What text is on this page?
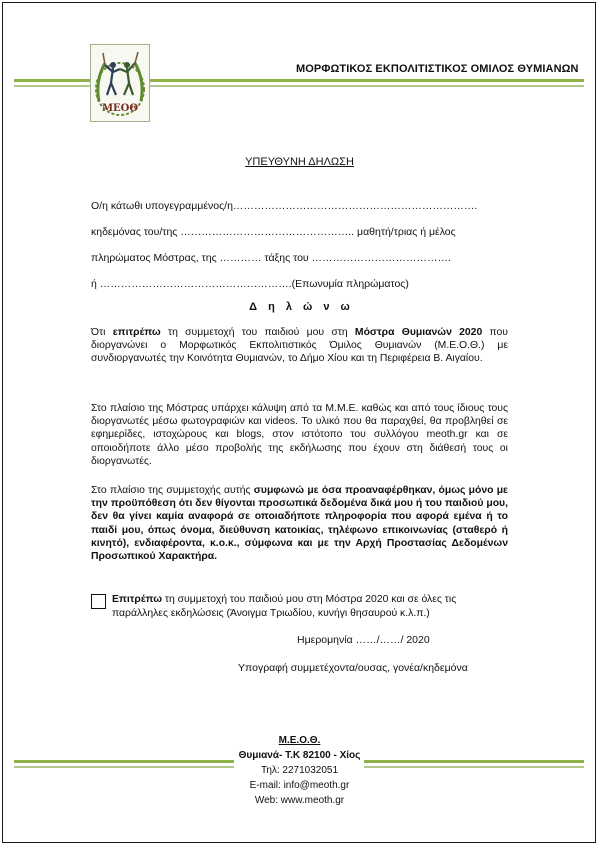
ΜΕΟΘ
ΜΟΡΦΩΤΙΚΟΣ ΕΚΠΟΛΙΤΙΣΤΙΚΟΣ ΟΜΙΛΟΣ ΘΥΜΙΑΝΩΝ
ΥΠΕΥΘΥΝΗ ΔΗΛΩΣΗ
Ο/η κάτωθι υπογεγραμμένος/η…………………………………………………………….
κηδεμόνας του/της ………………………………………….. μαθητή/τριας ή μέλος
πληρώματος Μόστρας, της ………… τάξης του ………………………………….
ή ……………………………………………….(Επωνυμία πληρώματος)
Δ η λ ώ ν ω
Ότι επιτρέπω τη συμμετοχή του παιδιού μου στη Μόστρα Θυμιανών 2020 που διοργανώνει ο Μορφωτικός Εκπολιτιστικός Όμιλος Θυμιανών (Μ.Ε.Ο.Θ.) με συνδιοργανωτές την Κοινότητα Θυμιανών, το Δήμο Χίου και τη Περιφέρεια Β. Αιγαίου.
Στο πλαίσιο της Μόστρας υπάρχει κάλυψη από τα Μ.Μ.Ε. καθώς και από τους ίδιους τους διοργανωτές μέσω φωτογραφιών και videos. Το υλικό που θα παραχθεί, θα προβληθεί σε εφημερίδες, ιστοχώρους και blogs, στον ιστότοπο του συλλόγου meoth.gr και σε οποιοδήποτε άλλο μέσο προβολής της εκδήλωσης που έχουν στη διάθεσή τους οι διοργανωτές.
Στο πλαίσιο της συμμετοχής αυτής συμφωνώ με όσα προαναφέρθηκαν, όμως μόνο με την προϋπόθεση ότι δεν θίγονται προσωπικά δεδομένα δικά μου ή του παιδιού μου, δεν θα γίνει καμία αναφορά σε οποιαδήποτε πληροφορία που αφορά εμένα ή το παιδί μου, όπως όνομα, διεύθυνση κατοικίας, τηλέφωνο επικοινωνίας (σταθερό ή κινητό), ενδιαφέροντα, κ.ο.κ., σύμφωνα και με την Αρχή Προστασίας Δεδομένων Προσωπικού Χαρακτήρα.
Επιτρέπω τη συμμετοχή του παιδιού μου στη Μόστρα 2020 και σε όλες τις παράλληλες εκδηλώσεις (Άνοιγμα Τριωδίου, κυνήγι θησαυρού κ.λ.π.)
Ημερομηνία ……/……/ 2020
Υπογραφή συμμετέχοντα/ουσας, γονέα/κηδεμόνα
Μ.Ε.Ο.Θ.
Θυμιανά- Τ.Κ 82100 - Χίος
Τηλ: 2271032051
E-mail: info@meoth.gr
Web: www.meoth.gr
